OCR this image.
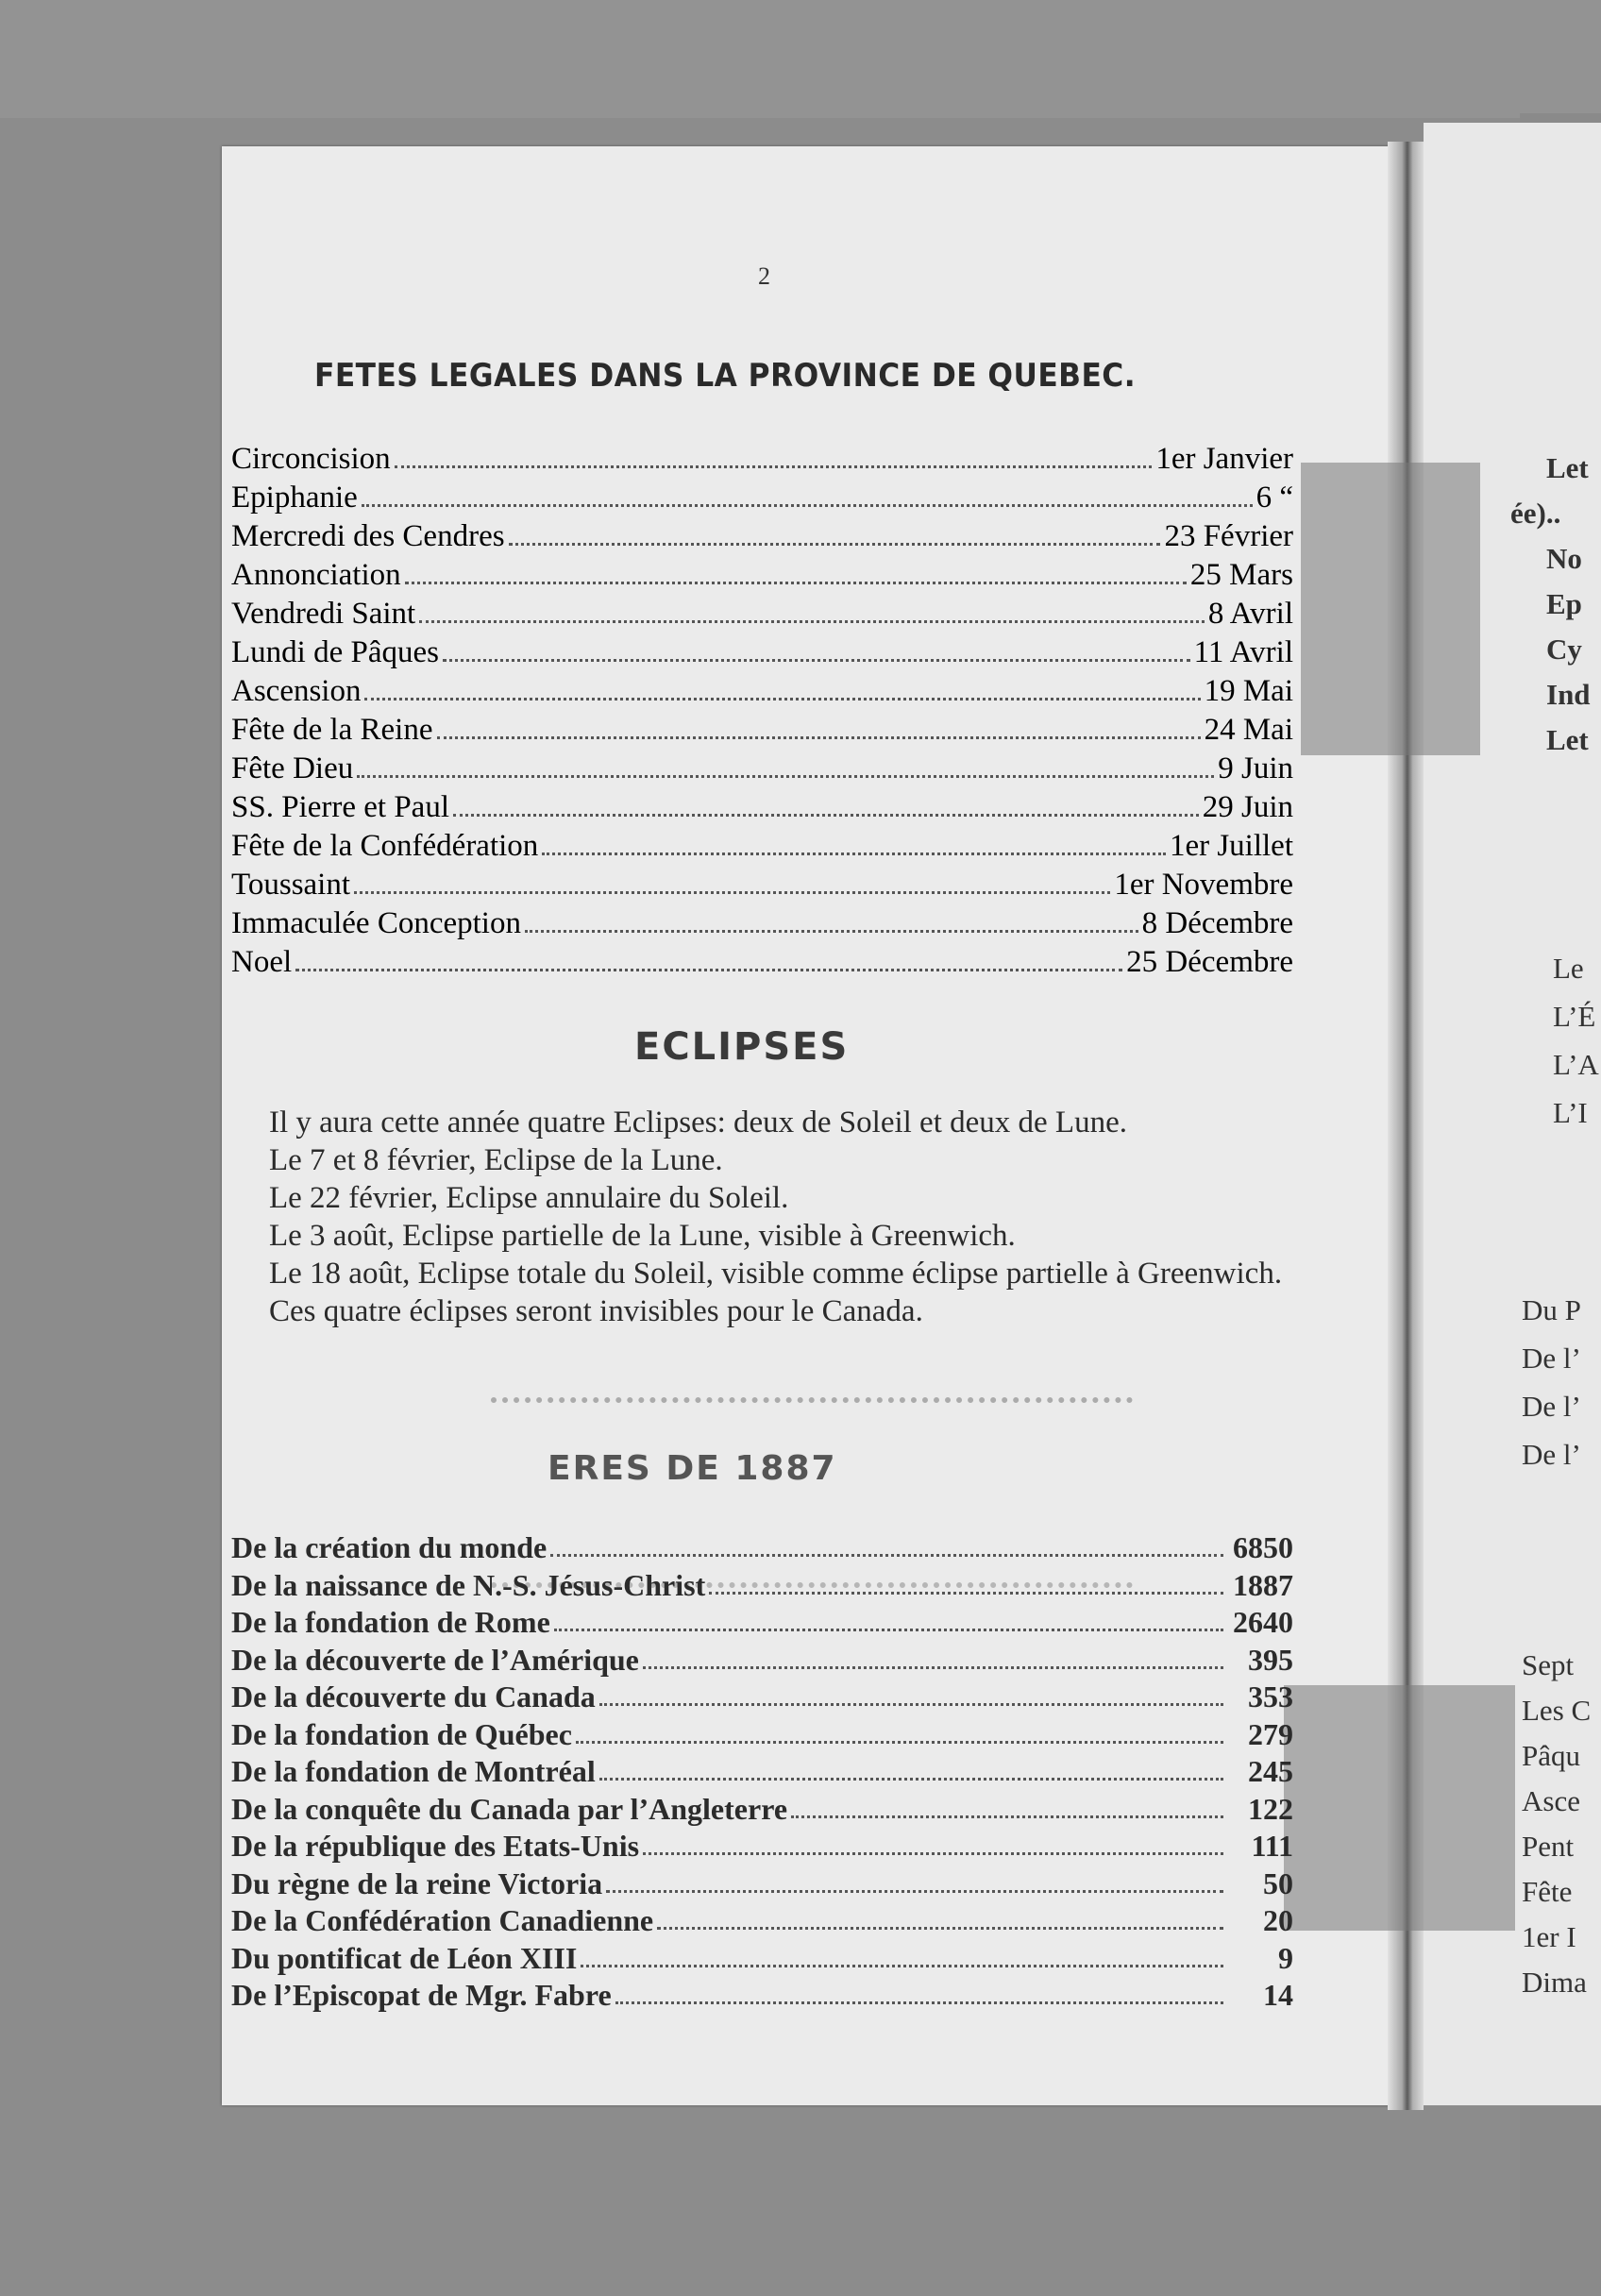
2
FETES LEGALES DANS LA PROVINCE DE QUEBEC.
Circoncision	1er Janvier
Epiphanie	6 “
Mercredi des Cendres	23 Février
Annonciation	25 Mars
Vendredi Saint	8 Avril
Lundi de Pâques	11 Avril
Ascension	19 Mai
Fête de la Reine	24 Mai
Fête Dieu	9 Juin
SS. Pierre et Paul	29 Juin
Fête de la Confédération	1er Juillet
Toussaint	1er Novembre
Immaculée Conception	8 Décembre
Noel	25 Décembre
ECLIPSES

Il y aura cette année quatre Eclipses: deux de Soleil et deux de Lune.

Le 7 et 8 février, Eclipse de la Lune.

Le 22 février, Eclipse annulaire du Soleil.

Le 3 août, Eclipse partielle de la Lune, visible à Greenwich.

Le 18 août, Eclipse totale du Soleil, visible comme éclipse partielle à Greenwich.

Ces quatre éclipses seront invisibles pour le Canada.

ERES DE 1887
De la création du monde	6850
De la naissance de N.-S. Jésus-Christ	1887
De la fondation de Rome	2640
De la découverte de l’Amérique	395
De la découverte du Canada	353
De la fondation de Québec	279
De la fondation de Montréal	245
De la conquête du Canada par l’Angleterre	122
De la république des Etats-Unis	111
Du règne de la reine Victoria	50
De la Confédération Canadienne	20
Du pontificat de Léon XIII	9
De l’Episcopat de Mgr. Fabre	14
Let
ée)..
No
Ep
Cy
Ind
Let
Le
L’É
L’A
L’I
Du P
De l’
De l’
De l’
Sept
Les C
Pâqu
Asce
Pent
Fête
1er I
Dima
